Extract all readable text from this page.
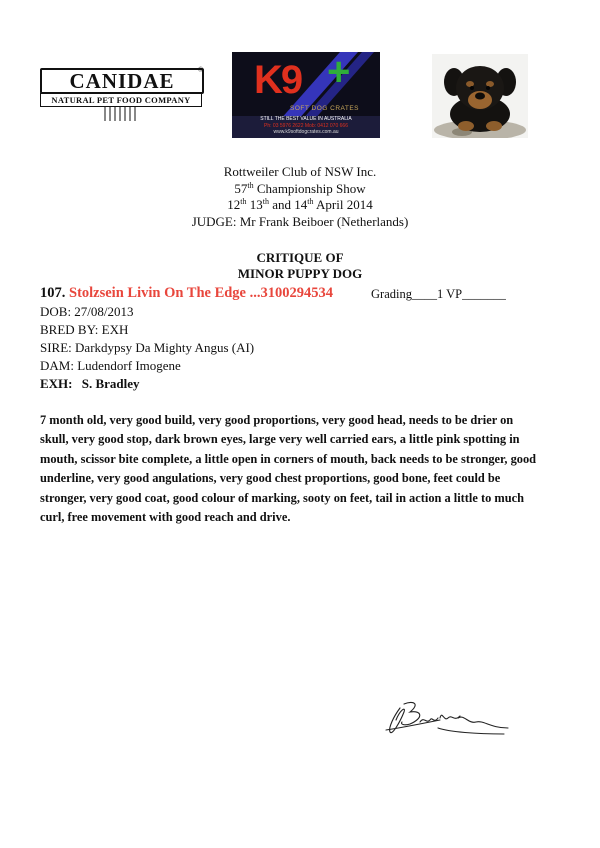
CANIDAE	®
NATURAL PET FOOD COMPANY K9 +
SOFT DOG CRATES
STILL THE BEST VALUE IN AUSTRALIA
Ph: 03 5976 2622 Mob: 0412 070 666
www.k9softdogcrates.com.au
Rottweiler Club of NSW Inc.
57th Championship Show
12th 13th and 14th April 2014
JUDGE: Mr Frank Beiboer (Netherlands)
CRITIQUE OF
MINOR PUPPY DOG
107. Stolzsein Livin On The Edge ...3100294534	Grading____1 VP_______
DOB: 27/08/2013
BRED BY: EXH
SIRE: Darkdypsy Da Mighty Angus (AI)
DAM: Ludendorf Imogene
EXH: S. Bradley
7 month old, very good build, very good proportions, very good head, needs to be drier on skull, very good stop, dark brown eyes, large very well carried ears, a little pink spotting in mouth, scissor bite complete, a little open in corners of mouth, back needs to be stronger, good underline, very good angulations, very good chest proportions, good bone, feet could be stronger, very good coat, good colour of marking, sooty on feet, tail in action a little to much curl, free movement with good reach and drive.
